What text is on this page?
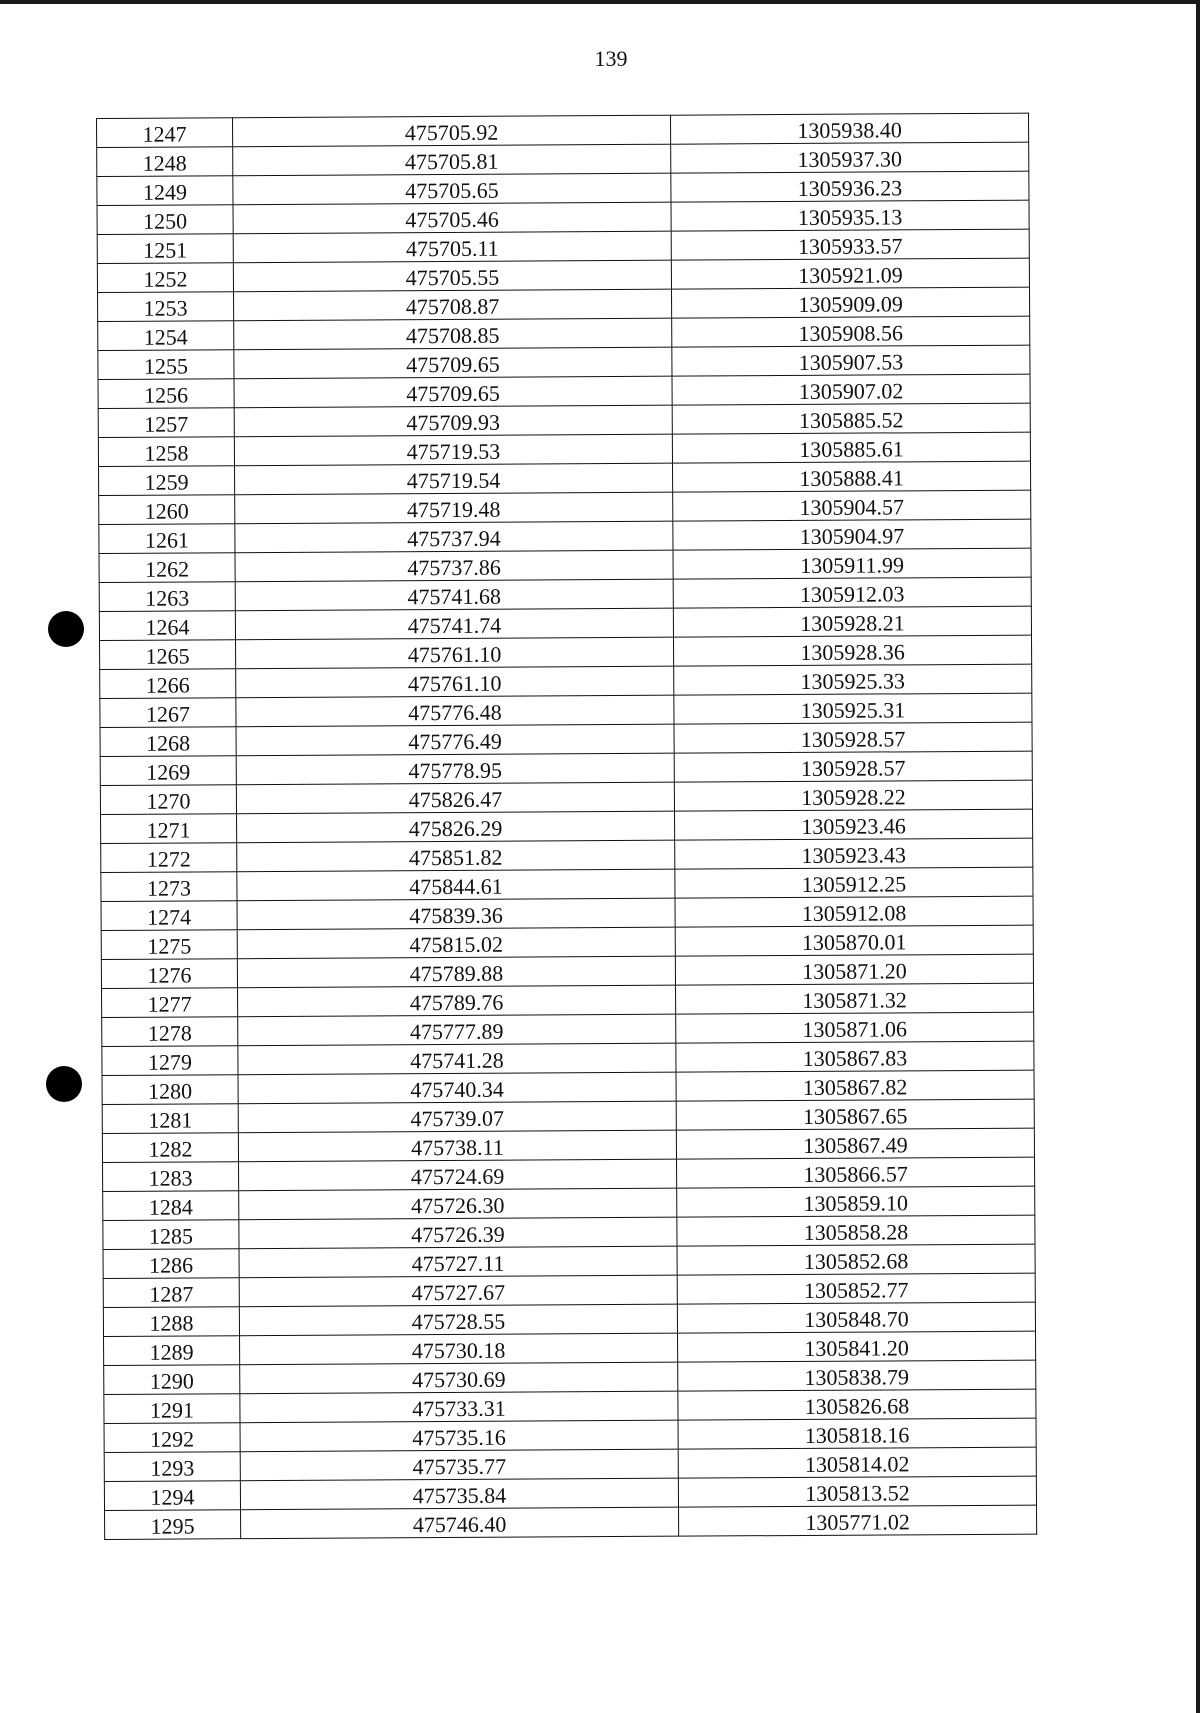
139
1247	475705.92	1305938.40
1248	475705.81	1305937.30
1249	475705.65	1305936.23
1250	475705.46	1305935.13
1251	475705.11	1305933.57
1252	475705.55	1305921.09
1253	475708.87	1305909.09
1254	475708.85	1305908.56
1255	475709.65	1305907.53
1256	475709.65	1305907.02
1257	475709.93	1305885.52
1258	475719.53	1305885.61
1259	475719.54	1305888.41
1260	475719.48	1305904.57
1261	475737.94	1305904.97
1262	475737.86	1305911.99
1263	475741.68	1305912.03
1264	475741.74	1305928.21
1265	475761.10	1305928.36
1266	475761.10	1305925.33
1267	475776.48	1305925.31
1268	475776.49	1305928.57
1269	475778.95	1305928.57
1270	475826.47	1305928.22
1271	475826.29	1305923.46
1272	475851.82	1305923.43
1273	475844.61	1305912.25
1274	475839.36	1305912.08
1275	475815.02	1305870.01
1276	475789.88	1305871.20
1277	475789.76	1305871.32
1278	475777.89	1305871.06
1279	475741.28	1305867.83
1280	475740.34	1305867.82
1281	475739.07	1305867.65
1282	475738.11	1305867.49
1283	475724.69	1305866.57
1284	475726.30	1305859.10
1285	475726.39	1305858.28
1286	475727.11	1305852.68
1287	475727.67	1305852.77
1288	475728.55	1305848.70
1289	475730.18	1305841.20
1290	475730.69	1305838.79
1291	475733.31	1305826.68
1292	475735.16	1305818.16
1293	475735.77	1305814.02
1294	475735.84	1305813.52
1295	475746.40	1305771.02
